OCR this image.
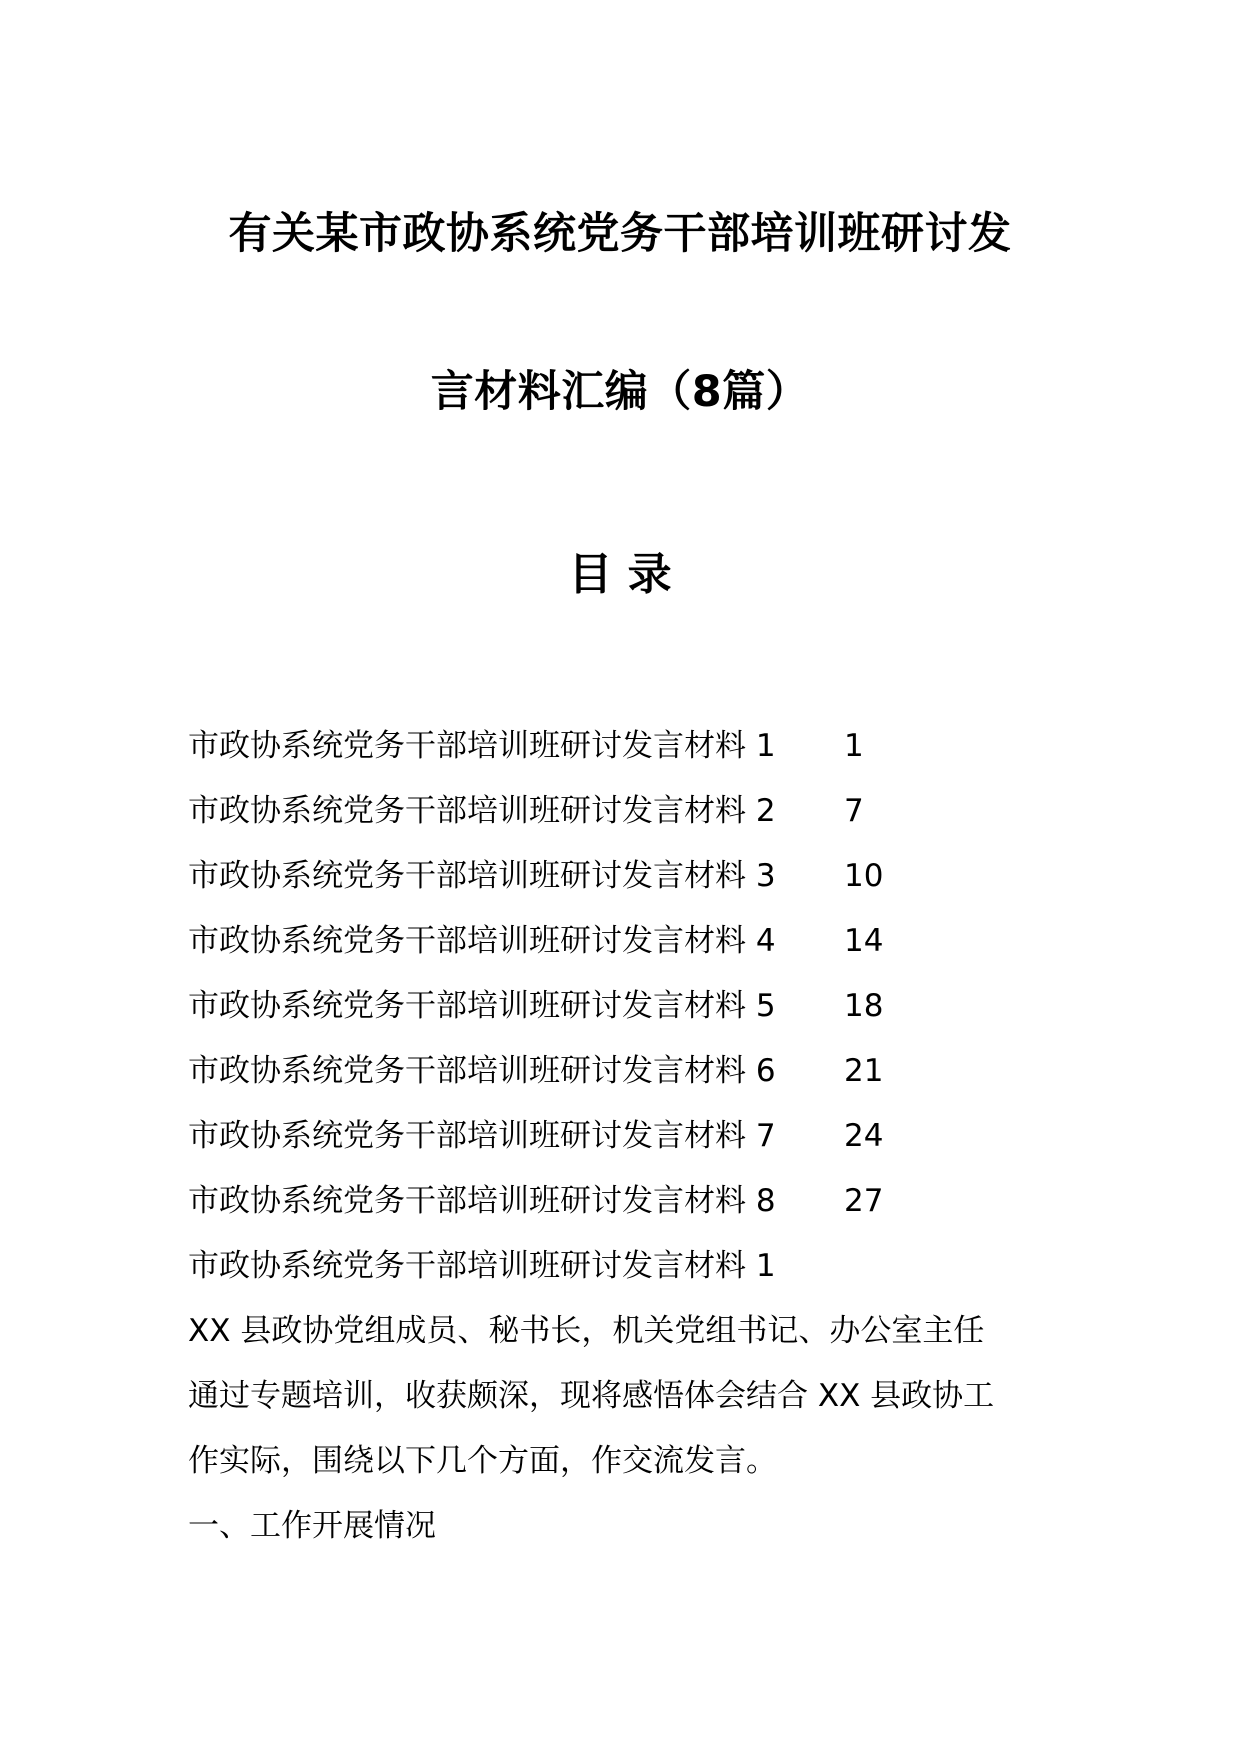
有关某市政协系统党务干部培训班研讨发
言材料汇编（8篇）
目 录
市政协系统党务干部培训班研讨发言材料 1 1
市政协系统党务干部培训班研讨发言材料 2 7
市政协系统党务干部培训班研讨发言材料 3 10
市政协系统党务干部培训班研讨发言材料 4 14
市政协系统党务干部培训班研讨发言材料 5 18
市政协系统党务干部培训班研讨发言材料 6 21
市政协系统党务干部培训班研讨发言材料 7 24
市政协系统党务干部培训班研讨发言材料 8 27
市政协系统党务干部培训班研讨发言材料 1
XX 县政协党组成员、秘书长，机关党组书记、办公室主任
通过专题培训，收获颇深，现将感悟体会结合 XX 县政协工
作实际，围绕以下几个方面，作交流发言。
一、工作开展情况
